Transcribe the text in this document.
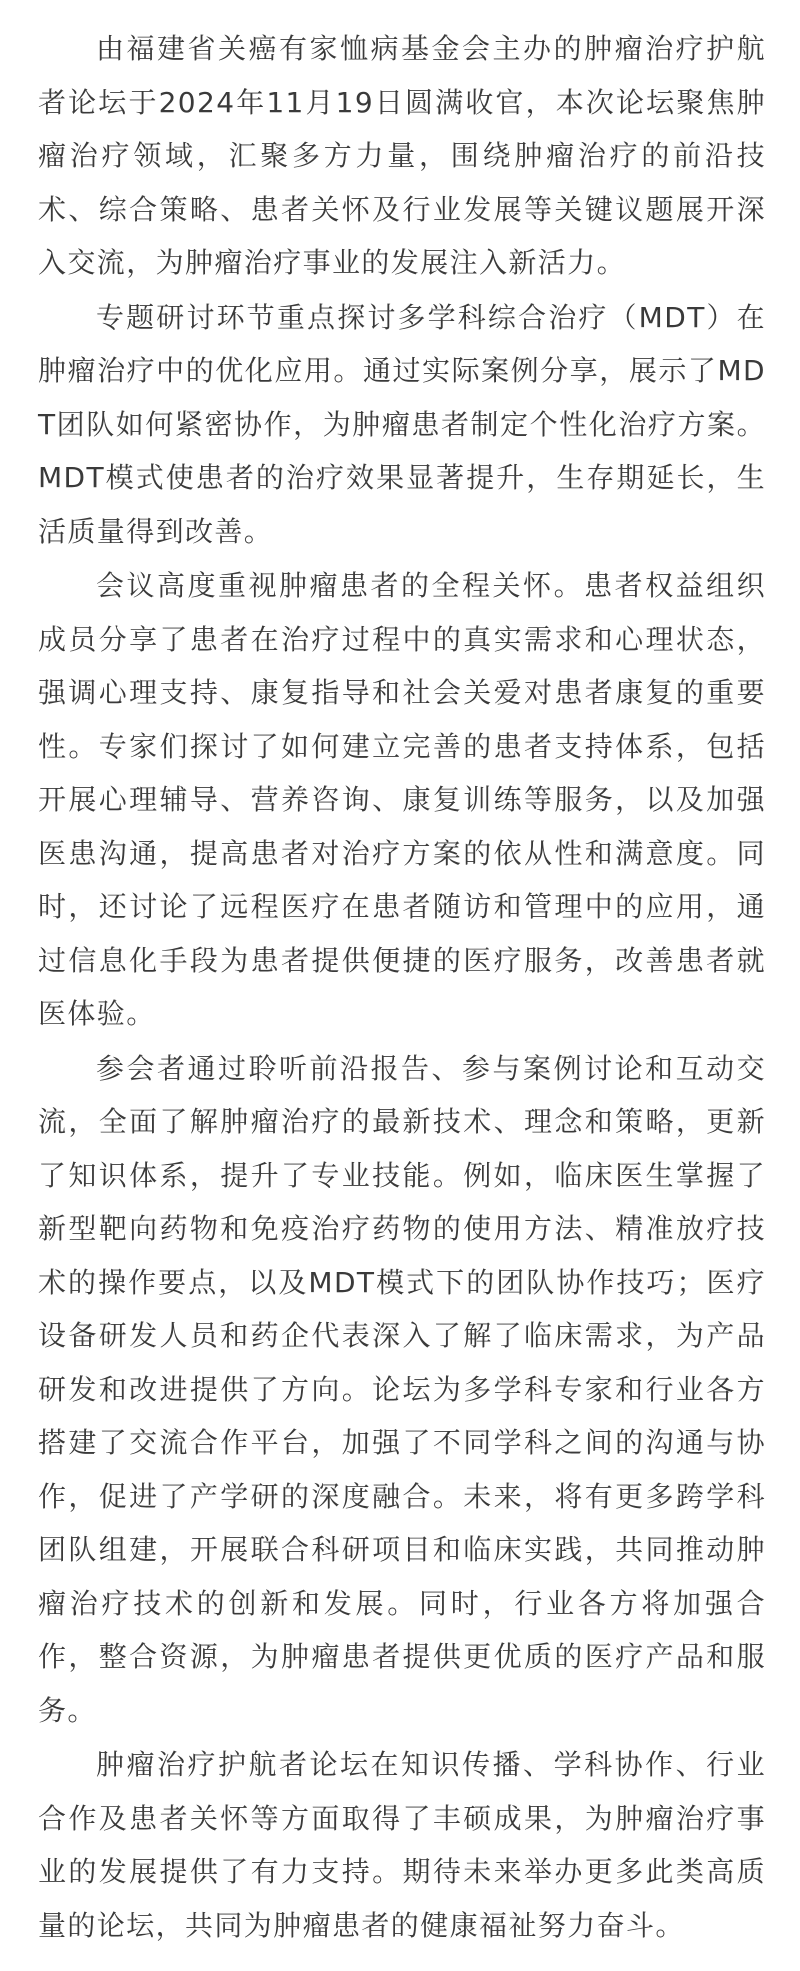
由福建省关癌有家恤病基金会主办的肿瘤治疗护航者论坛于2024年11月19日圆满收官，本次论坛聚焦肿瘤治疗领域，汇聚多方力量，围绕肿瘤治疗的前沿技术、综合策略、患者关怀及行业发展等关键议题展开深入交流，为肿瘤治疗事业的发展注入新活力。

专题研讨环节重点探讨多学科综合治疗（MDT）在肿瘤治疗中的优化应用。通过实际案例分享，展示了MDT团队如何紧密协作，为肿瘤患者制定个性化治疗方案。MDT模式使患者的治疗效果显著提升，生存期延长，生活质量得到改善。

会议高度重视肿瘤患者的全程关怀。患者权益组织成员分享了患者在治疗过程中的真实需求和心理状态，强调心理支持、康复指导和社会关爱对患者康复的重要性。专家们探讨了如何建立完善的患者支持体系，包括开展心理辅导、营养咨询、康复训练等服务，以及加强医患沟通，提高患者对治疗方案的依从性和满意度。同时，还讨论了远程医疗在患者随访和管理中的应用，通过信息化手段为患者提供便捷的医疗服务，改善患者就医体验。

参会者通过聆听前沿报告、参与案例讨论和互动交流，全面了解肿瘤治疗的最新技术、理念和策略，更新了知识体系，提升了专业技能。例如，临床医生掌握了新型靶向药物和免疫治疗药物的使用方法、精准放疗技术的操作要点，以及MDT模式下的团队协作技巧；医疗设备研发人员和药企代表深入了解了临床需求，为产品研发和改进提供了方向。论坛为多学科专家和行业各方搭建了交流合作平台，加强了不同学科之间的沟通与协作，促进了产学研的深度融合。未来，将有更多跨学科团队组建，开展联合科研项目和临床实践，共同推动肿瘤治疗技术的创新和发展。同时，行业各方将加强合作，整合资源，为肿瘤患者提供更优质的医疗产品和服务。

肿瘤治疗护航者论坛在知识传播、学科协作、行业合作及患者关怀等方面取得了丰硕成果，为肿瘤治疗事业的发展提供了有力支持。期待未来举办更多此类高质量的论坛，共同为肿瘤患者的健康福祉努力奋斗。
